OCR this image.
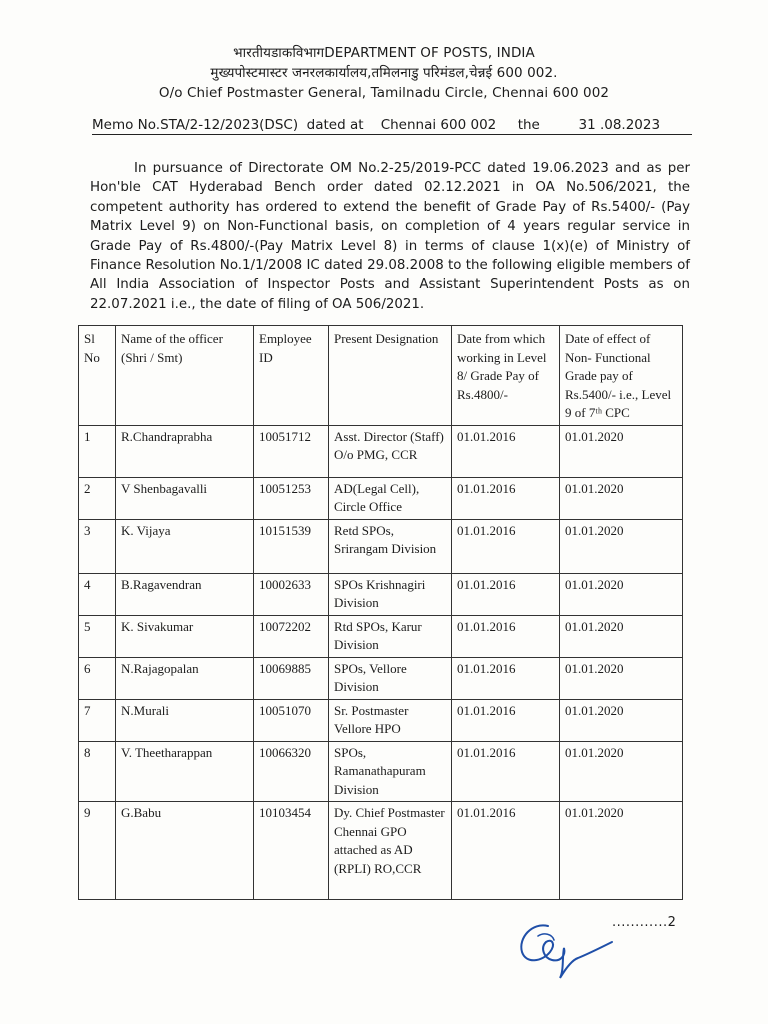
भारतीयडाकविभागDEPARTMENT OF POSTS, INDIA
मुख्यपोस्टमास्टर जनरलकार्यालय,तमिलनाडु परिमंडल,चेन्नई 600 002.
O/o Chief Postmaster General, Tamilnadu Circle, Chennai 600 002
Memo No.STA/2-12/2023(DSC)  dated at    Chennai 600 002     the         31 .08.2023
In pursuance of Directorate OM No.2-25/2019-PCC dated 19.06.2023 and as per Hon'ble CAT Hyderabad Bench order dated 02.12.2021 in OA No.506/2021, the competent authority has ordered to extend the benefit of Grade Pay of Rs.5400/- (Pay Matrix Level 9) on Non-Functional basis, on completion of 4 years regular service in Grade Pay of Rs.4800/-(Pay Matrix Level 8) in terms of clause 1(x)(e) of Ministry of Finance Resolution No.1/1/2008 IC dated 29.08.2008 to the following eligible members of All India Association of Inspector Posts and Assistant Superintendent Posts as on 22.07.2021 i.e., the date of filing of OA 506/2021.
Sl No	Name of the officer (Shri / Smt)	Employee ID	Present Designation	Date from which working in Level 8/ Grade Pay of Rs.4800/-	Date of effect of Non- Functional Grade pay of Rs.5400/- i.e., Level 9 of 7ᵗʰ CPC
1	R.Chandraprabha	10051712	Asst. Director (Staff) O/o PMG, CCR	01.01.2016	01.01.2020
2	V Shenbagavalli	10051253	AD(Legal Cell), Circle Office	01.01.2016	01.01.2020
3	K. Vijaya	10151539	Retd SPOs, Srirangam Division	01.01.2016	01.01.2020
4	B.Ragavendran	10002633	SPOs Krishnagiri Division	01.01.2016	01.01.2020
5	K. Sivakumar	10072202	Rtd SPOs, Karur Division	01.01.2016	01.01.2020
6	N.Rajagopalan	10069885	SPOs, Vellore Division	01.01.2016	01.01.2020
7	N.Murali	10051070	Sr. Postmaster Vellore HPO	01.01.2016	01.01.2020
8	V. Theetharappan	10066320	SPOs, Ramanathapuram Division	01.01.2016	01.01.2020
9	G.Babu	10103454	Dy. Chief Postmaster Chennai GPO attached as AD (RPLI) RO,CCR	01.01.2016	01.01.2020
............2
